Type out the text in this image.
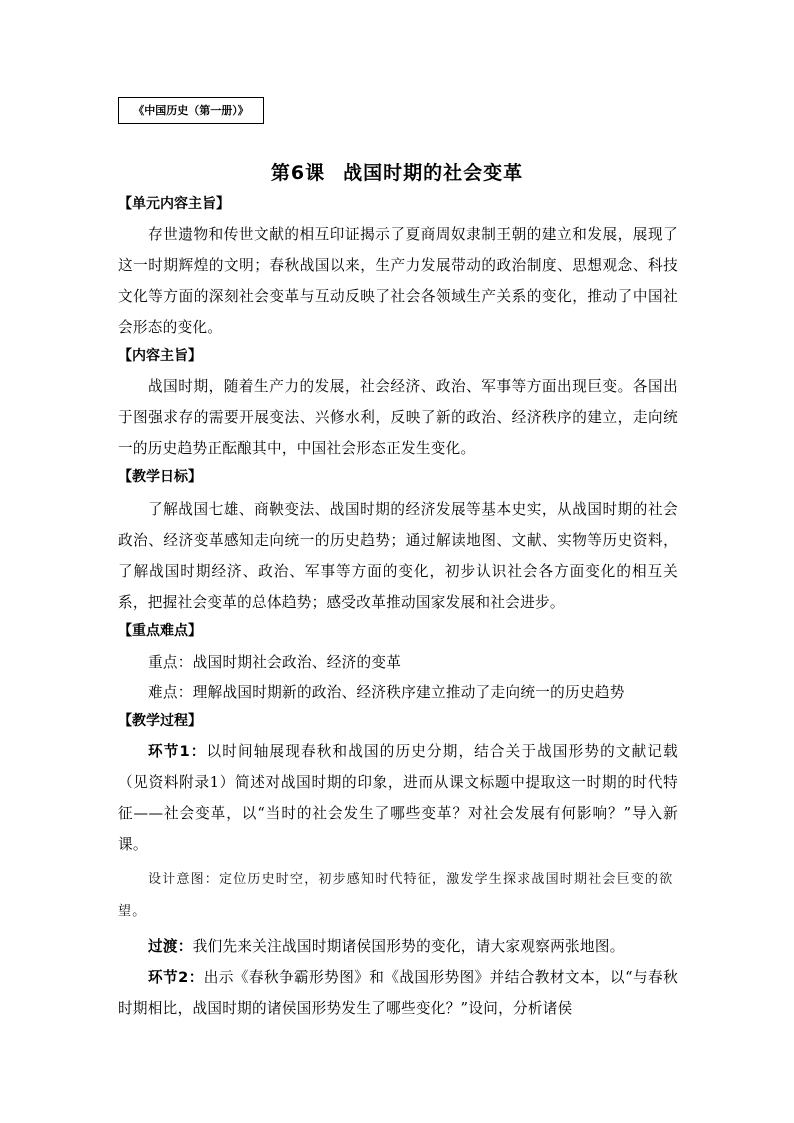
《中国历史（第一册）》
第6课 战国时期的社会变革

【单元内容主旨】

存世遗物和传世文献的相互印证揭示了夏商周奴隶制王朝的建立和发展，展现了这一时期辉煌的文明；春秋战国以来，生产力发展带动的政治制度、思想观念、科技文化等方面的深刻社会变革与互动反映了社会各领域生产关系的变化，推动了中国社会形态的变化。

【内容主旨】

战国时期，随着生产力的发展，社会经济、政治、军事等方面出现巨变。各国出于图强求存的需要开展变法、兴修水利，反映了新的政治、经济秩序的建立，走向统一的历史趋势正酝酿其中，中国社会形态正发生变化。

【教学日标】

了解战国七雄、商鞅变法、战国时期的经济发展等基本史实，从战国时期的社会政治、经济变革感知走向统一的历史趋势；通过解读地图、文献、实物等历史资料，了解战国时期经济、政治、军事等方面的变化，初步认识社会各方面变化的相互关系，把握社会变革的总体趋势；感受改革推动国家发展和社会进步。

【重点难点】

重点：战国时期社会政治、经济的变革

难点：理解战国时期新的政治、经济秩序建立推动了走向统一的历史趋势

【教学过程】

环节1：以时间轴展现春秋和战国的历史分期，结合关于战国形势的文献记载（见资料附录1）简述对战国时期的印象，进而从课文标题中提取这一时期的时代特征——社会变革，以“当时的社会发生了哪些变革？对社会发展有何影响？”导入新课。

设计意图：定位历史时空，初步感知时代特征，激发学生探求战国时期社会巨变的欲望。

过渡：我们先来关注战国时期诸侯国形势的变化，请大家观察两张地图。

环节2：出示《春秋争霸形势图》和《战国形势图》并结合教材文本，以“与春秋时期相比，战国时期的诸侯国形势发生了哪些变化？”设问，分析诸侯
